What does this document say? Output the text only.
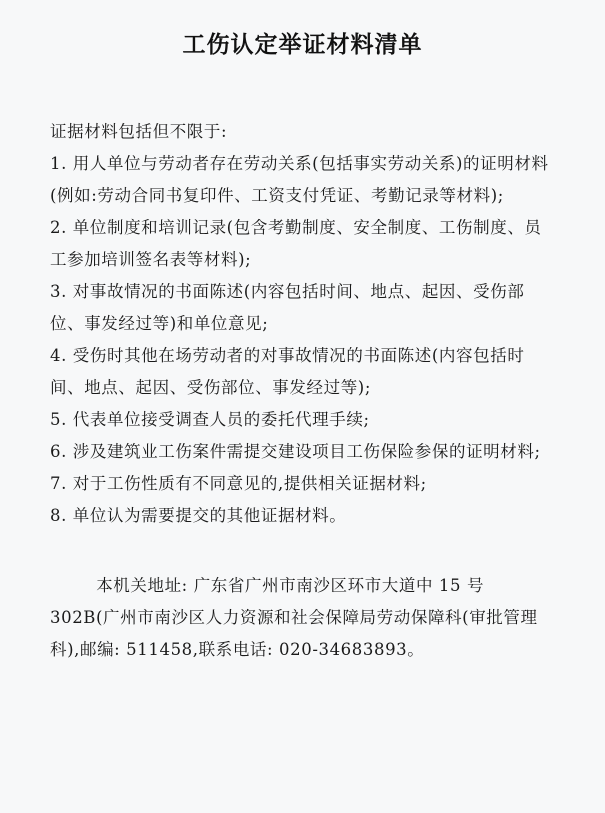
工伤认定举证材料清单

证据材料包括但不限于:

1. 用人单位与劳动者存在劳动关系(包括事实劳动关系)的证明材料(例如:劳动合同书复印件、工资支付凭证、考勤记录等材料);

2. 单位制度和培训记录(包含考勤制度、安全制度、工伤制度、员工参加培训签名表等材料);

3. 对事故情况的书面陈述(内容包括时间、地点、起因、受伤部位、事发经过等)和单位意见;

4. 受伤时其他在场劳动者的对事故情况的书面陈述(内容包括时间、地点、起因、受伤部位、事发经过等);

5. 代表单位接受调查人员的委托代理手续;

6. 涉及建筑业工伤案件需提交建设项目工伤保险参保的证明材料;

7. 对于工伤性质有不同意见的,提供相关证据材料;

8. 单位认为需要提交的其他证据材料。

本机关地址: 广东省广州市南沙区环市大道中 15 号 302B(广州市南沙区人力资源和社会保障局劳动保障科(审批管理科),邮编: 511458,联系电话: 020-34683893。
